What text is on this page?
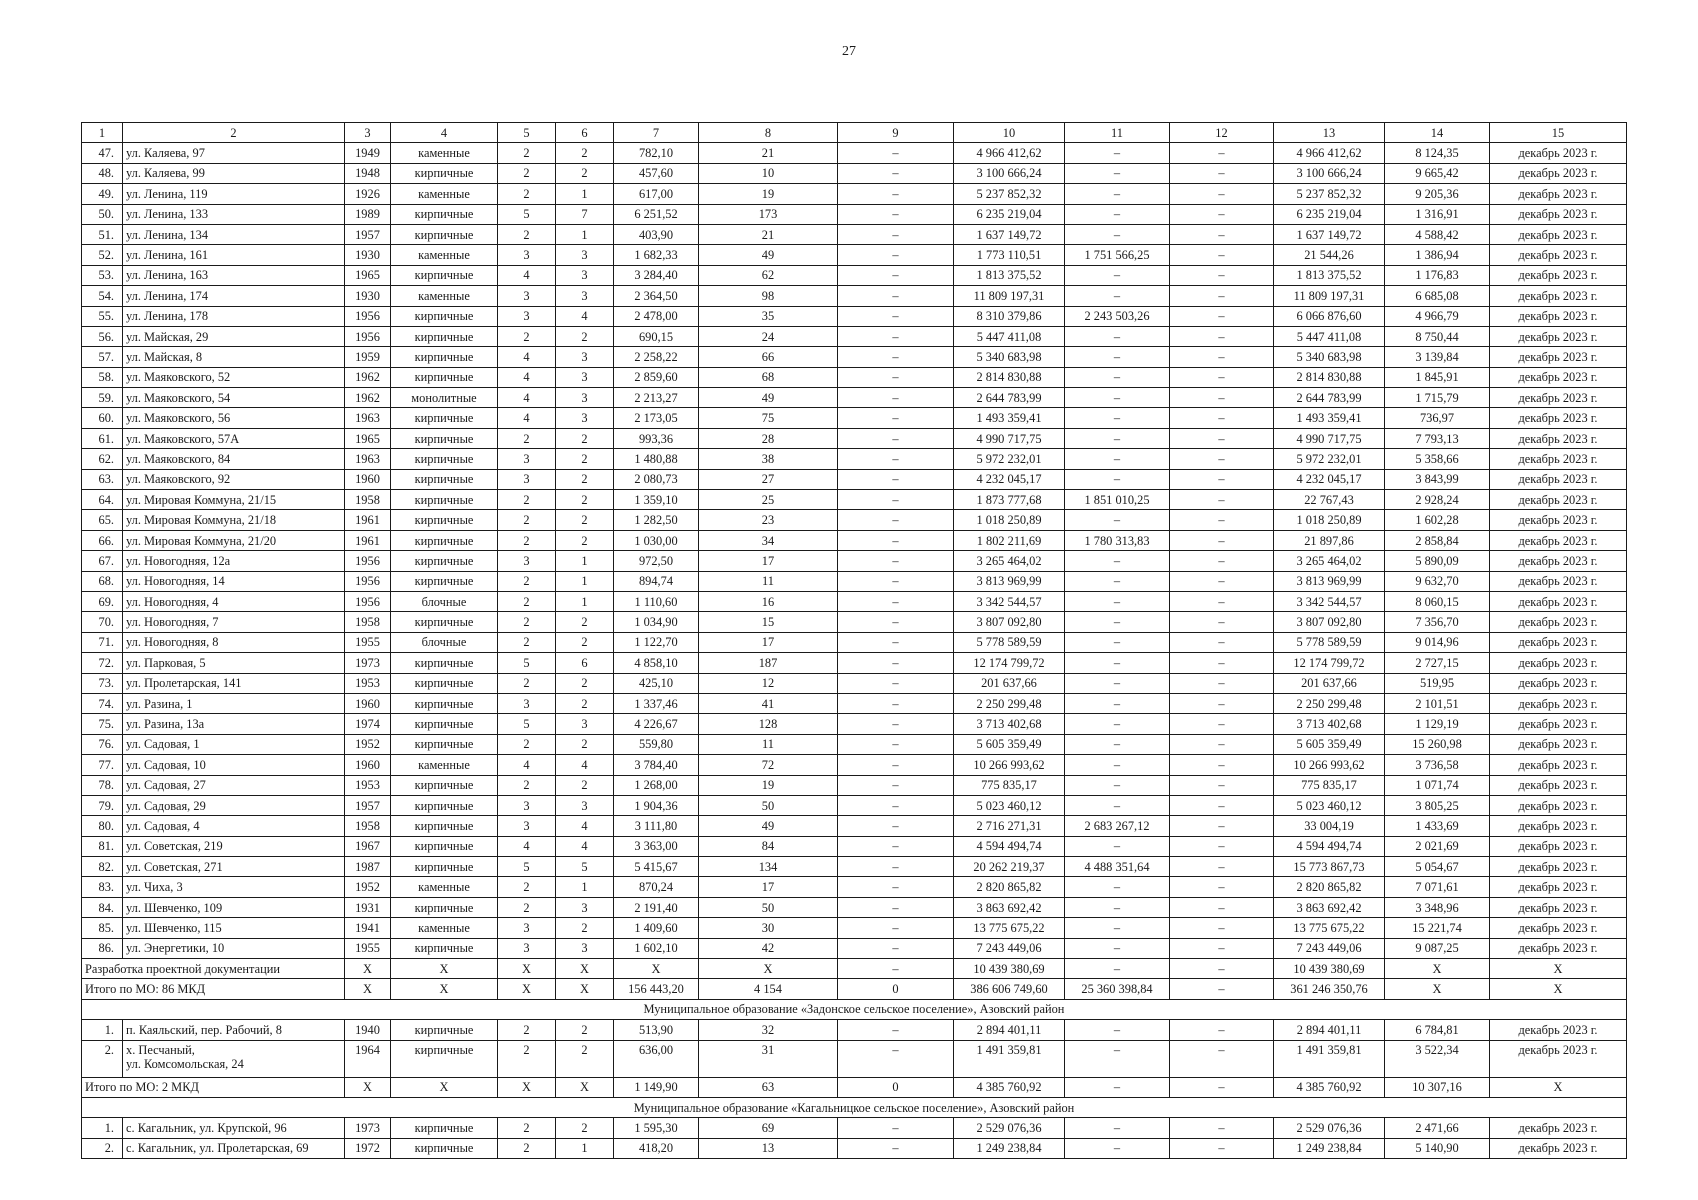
27
1	2	3	4	5	6	7	8	9	10	11	12	13	14	15
47.	ул. Каляева, 97	1949	каменные	2	2	782,10	21	–	4 966 412,62	–	–	4 966 412,62	8 124,35	декабрь 2023 г.
48.	ул. Каляева, 99	1948	кирпичные	2	2	457,60	10	–	3 100 666,24	–	–	3 100 666,24	9 665,42	декабрь 2023 г.
49.	ул. Ленина, 119	1926	каменные	2	1	617,00	19	–	5 237 852,32	–	–	5 237 852,32	9 205,36	декабрь 2023 г.
50.	ул. Ленина, 133	1989	кирпичные	5	7	6 251,52	173	–	6 235 219,04	–	–	6 235 219,04	1 316,91	декабрь 2023 г.
51.	ул. Ленина, 134	1957	кирпичные	2	1	403,90	21	–	1 637 149,72	–	–	1 637 149,72	4 588,42	декабрь 2023 г.
52.	ул. Ленина, 161	1930	каменные	3	3	1 682,33	49	–	1 773 110,51	1 751 566,25	–	21 544,26	1 386,94	декабрь 2023 г.
53.	ул. Ленина, 163	1965	кирпичные	4	3	3 284,40	62	–	1 813 375,52	–	–	1 813 375,52	1 176,83	декабрь 2023 г.
54.	ул. Ленина, 174	1930	каменные	3	3	2 364,50	98	–	11 809 197,31	–	–	11 809 197,31	6 685,08	декабрь 2023 г.
55.	ул. Ленина, 178	1956	кирпичные	3	4	2 478,00	35	–	8 310 379,86	2 243 503,26	–	6 066 876,60	4 966,79	декабрь 2023 г.
56.	ул. Майская, 29	1956	кирпичные	2	2	690,15	24	–	5 447 411,08	–	–	5 447 411,08	8 750,44	декабрь 2023 г.
57.	ул. Майская, 8	1959	кирпичные	4	3	2 258,22	66	–	5 340 683,98	–	–	5 340 683,98	3 139,84	декабрь 2023 г.
58.	ул. Маяковского, 52	1962	кирпичные	4	3	2 859,60	68	–	2 814 830,88	–	–	2 814 830,88	1 845,91	декабрь 2023 г.
59.	ул. Маяковского, 54	1962	монолитные	4	3	2 213,27	49	–	2 644 783,99	–	–	2 644 783,99	1 715,79	декабрь 2023 г.
60.	ул. Маяковского, 56	1963	кирпичные	4	3	2 173,05	75	–	1 493 359,41	–	–	1 493 359,41	736,97	декабрь 2023 г.
61.	ул. Маяковского, 57А	1965	кирпичные	2	2	993,36	28	–	4 990 717,75	–	–	4 990 717,75	7 793,13	декабрь 2023 г.
62.	ул. Маяковского, 84	1963	кирпичные	3	2	1 480,88	38	–	5 972 232,01	–	–	5 972 232,01	5 358,66	декабрь 2023 г.
63.	ул. Маяковского, 92	1960	кирпичные	3	2	2 080,73	27	–	4 232 045,17	–	–	4 232 045,17	3 843,99	декабрь 2023 г.
64.	ул. Мировая Коммуна, 21/15	1958	кирпичные	2	2	1 359,10	25	–	1 873 777,68	1 851 010,25	–	22 767,43	2 928,24	декабрь 2023 г.
65.	ул. Мировая Коммуна, 21/18	1961	кирпичные	2	2	1 282,50	23	–	1 018 250,89	–	–	1 018 250,89	1 602,28	декабрь 2023 г.
66.	ул. Мировая Коммуна, 21/20	1961	кирпичные	2	2	1 030,00	34	–	1 802 211,69	1 780 313,83	–	21 897,86	2 858,84	декабрь 2023 г.
67.	ул. Новогодняя, 12а	1956	кирпичные	3	1	972,50	17	–	3 265 464,02	–	–	3 265 464,02	5 890,09	декабрь 2023 г.
68.	ул. Новогодняя, 14	1956	кирпичные	2	1	894,74	11	–	3 813 969,99	–	–	3 813 969,99	9 632,70	декабрь 2023 г.
69.	ул. Новогодняя, 4	1956	блочные	2	1	1 110,60	16	–	3 342 544,57	–	–	3 342 544,57	8 060,15	декабрь 2023 г.
70.	ул. Новогодняя, 7	1958	кирпичные	2	2	1 034,90	15	–	3 807 092,80	–	–	3 807 092,80	7 356,70	декабрь 2023 г.
71.	ул. Новогодняя, 8	1955	блочные	2	2	1 122,70	17	–	5 778 589,59	–	–	5 778 589,59	9 014,96	декабрь 2023 г.
72.	ул. Парковая, 5	1973	кирпичные	5	6	4 858,10	187	–	12 174 799,72	–	–	12 174 799,72	2 727,15	декабрь 2023 г.
73.	ул. Пролетарская, 141	1953	кирпичные	2	2	425,10	12	–	201 637,66	–	–	201 637,66	519,95	декабрь 2023 г.
74.	ул. Разина, 1	1960	кирпичные	3	2	1 337,46	41	–	2 250 299,48	–	–	2 250 299,48	2 101,51	декабрь 2023 г.
75.	ул. Разина, 13а	1974	кирпичные	5	3	4 226,67	128	–	3 713 402,68	–	–	3 713 402,68	1 129,19	декабрь 2023 г.
76.	ул. Садовая, 1	1952	кирпичные	2	2	559,80	11	–	5 605 359,49	–	–	5 605 359,49	15 260,98	декабрь 2023 г.
77.	ул. Садовая, 10	1960	каменные	4	4	3 784,40	72	–	10 266 993,62	–	–	10 266 993,62	3 736,58	декабрь 2023 г.
78.	ул. Садовая, 27	1953	кирпичные	2	2	1 268,00	19	–	775 835,17	–	–	775 835,17	1 071,74	декабрь 2023 г.
79.	ул. Садовая, 29	1957	кирпичные	3	3	1 904,36	50	–	5 023 460,12	–	–	5 023 460,12	3 805,25	декабрь 2023 г.
80.	ул. Садовая, 4	1958	кирпичные	3	4	3 111,80	49	–	2 716 271,31	2 683 267,12	–	33 004,19	1 433,69	декабрь 2023 г.
81.	ул. Советская, 219	1967	кирпичные	4	4	3 363,00	84	–	4 594 494,74	–	–	4 594 494,74	2 021,69	декабрь 2023 г.
82.	ул. Советская, 271	1987	кирпичные	5	5	5 415,67	134	–	20 262 219,37	4 488 351,64	–	15 773 867,73	5 054,67	декабрь 2023 г.
83.	ул. Чиха, 3	1952	каменные	2	1	870,24	17	–	2 820 865,82	–	–	2 820 865,82	7 071,61	декабрь 2023 г.
84.	ул. Шевченко, 109	1931	кирпичные	2	3	2 191,40	50	–	3 863 692,42	–	–	3 863 692,42	3 348,96	декабрь 2023 г.
85.	ул. Шевченко, 115	1941	каменные	3	2	1 409,60	30	–	13 775 675,22	–	–	13 775 675,22	15 221,74	декабрь 2023 г.
86.	ул. Энергетики, 10	1955	кирпичные	3	3	1 602,10	42	–	7 243 449,06	–	–	7 243 449,06	9 087,25	декабрь 2023 г.
Разработка проектной документации		X	X	X	X	X	X	–	10 439 380,69	–	–	10 439 380,69	X	X
Итого по МО: 86 МКД		X	X	X	X	156 443,20	4 154	0	386 606 749,60	25 360 398,84	–	361 246 350,76	X	X
Муниципальное образование «Задонское сельское поселение», Азовский район														
1.	п. Каяльский, пер. Рабочий, 8	1940	кирпичные	2	2	513,90	32	–	2 894 401,11	–	–	2 894 401,11	6 784,81	декабрь 2023 г.
2.	х. Песчаный,
ул. Комсомольская, 24	1964	кирпичные	2	2	636,00	31	–	1 491 359,81	–	–	1 491 359,81	3 522,34	декабрь 2023 г.
Итого по МО: 2 МКД		X	X	X	X	1 149,90	63	0	4 385 760,92	–	–	4 385 760,92	10 307,16	X
Муниципальное образование «Кагальницкое сельское поселение», Азовский район														
1.	с. Кагальник, ул. Крупской, 96	1973	кирпичные	2	2	1 595,30	69	–	2 529 076,36	–	–	2 529 076,36	2 471,66	декабрь 2023 г.
2.	с. Кагальник, ул. Пролетарская, 69	1972	кирпичные	2	1	418,20	13	–	1 249 238,84	–	–	1 249 238,84	5 140,90	декабрь 2023 г.
